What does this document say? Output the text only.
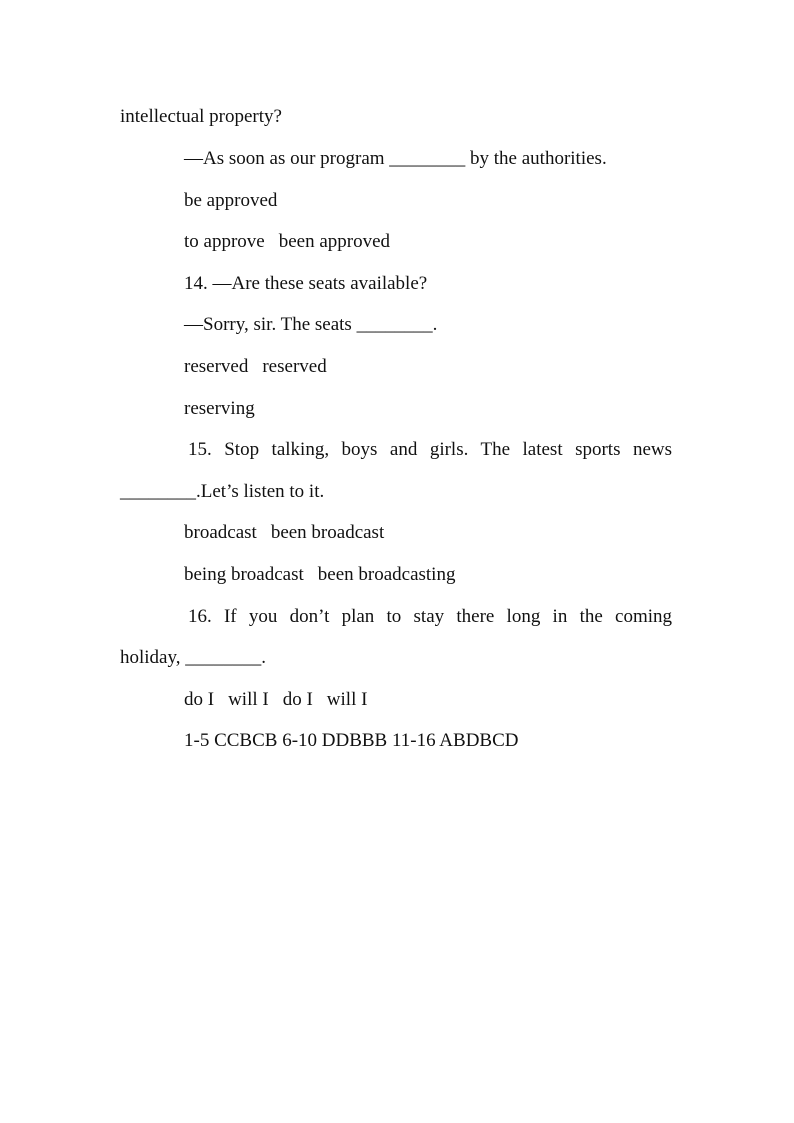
intellectual property?
—As soon as our program ________ by the authorities.
be approved
to approve been approved
14. —Are these seats available?
—Sorry, sir. The seats ________.
reserved reserved
reserving
15. Stop talking, boys and girls. The latest sports news
________.Let’s listen to it.
broadcast been broadcast
being broadcast been broadcasting
16. If you don’t plan to stay there long in the coming
holiday, ________.
do I will I do I will I
1-5 CCBCB 6-10 DDBBB 11-16 ABDBCD
